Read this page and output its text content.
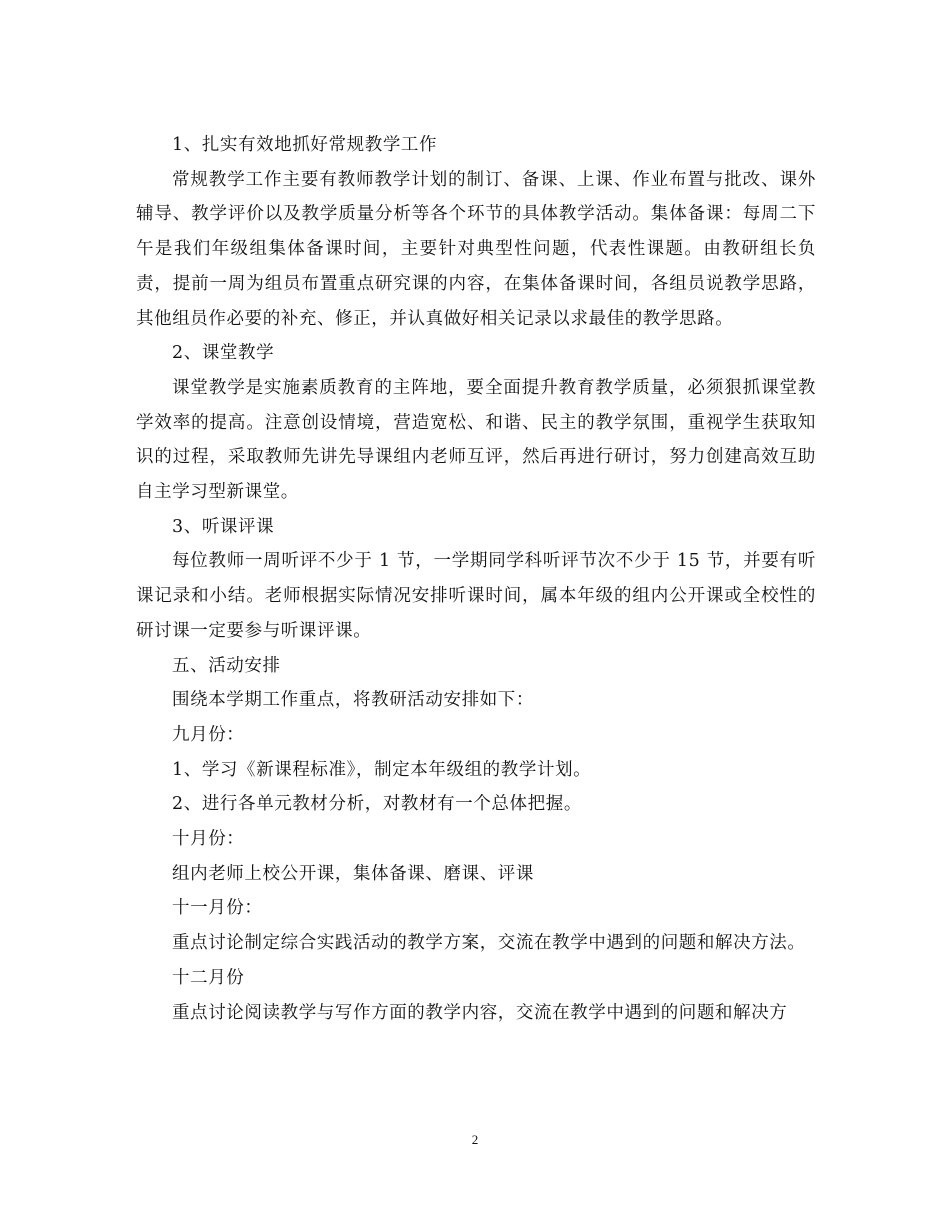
1、扎实有效地抓好常规教学工作

常规教学工作主要有教师教学计划的制订、备课、上课、作业布置与批改、课外辅导、教学评价以及教学质量分析等各个环节的具体教学活动。集体备课：每周二下午是我们年级组集体备课时间，主要针对典型性问题，代表性课题。由教研组长负责，提前一周为组员布置重点研究课的内容，在集体备课时间，各组员说教学思路，其他组员作必要的补充、修正，并认真做好相关记录以求最佳的教学思路。

2、课堂教学

课堂教学是实施素质教育的主阵地，要全面提升教育教学质量，必须狠抓课堂教学效率的提高。注意创设情境，营造宽松、和谐、民主的教学氛围，重视学生获取知识的过程，采取教师先讲先导课组内老师互评，然后再进行研讨，努力创建高效互助自主学习型新课堂。

3、听课评课

每位教师一周听评不少于 1 节，一学期同学科听评节次不少于 15 节，并要有听课记录和小结。老师根据实际情况安排听课时间，属本年级的组内公开课或全校性的研讨课一定要参与听课评课。

五、活动安排

围绕本学期工作重点，将教研活动安排如下：

九月份：

1、学习《新课程标准》，制定本年级组的教学计划。

2、进行各单元教材分析，对教材有一个总体把握。

十月份：

组内老师上校公开课，集体备课、磨课、评课

十一月份：

重点讨论制定综合实践活动的教学方案，交流在教学中遇到的问题和解决方法。

十二月份

重点讨论阅读教学与写作方面的教学内容，交流在教学中遇到的问题和解决方

2
